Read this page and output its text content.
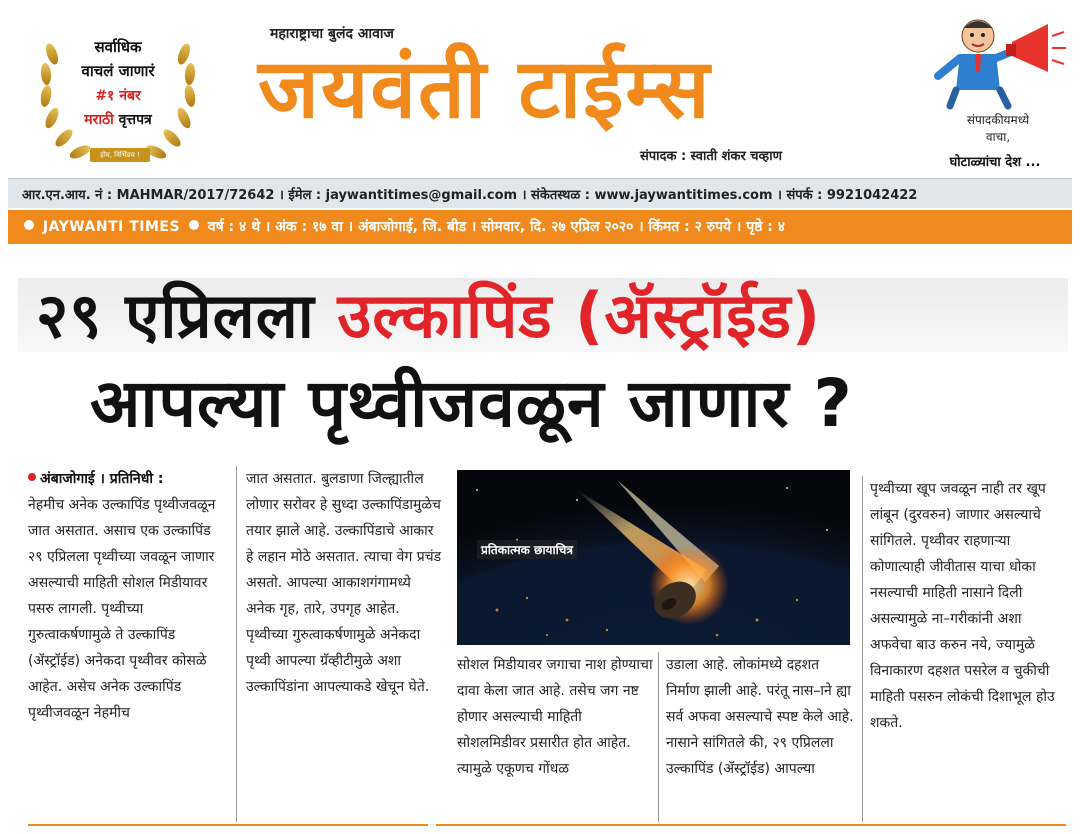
सर्वाधिक
वाचलं जाणारं
#१ नंबर
मराठी वृत्तपत्र
होय, निर्भिडच !
महाराष्ट्राचा बुलंद आवाज
जयवंती टाईम्स
संपादक : स्वाती शंकर चव्हाण
संपादकीयमध्ये
वाचा,
घोटाळ्यांचा देश ...
आर.एन.आय. नं : MAHMAR/2017/72642 । ईमेल : jaywantitimes@gmail.com । संकेतस्थळ : www.jaywantitimes.com । संपर्क : 9921042422
JAYWANTI TIMES वर्ष : ४ थे । अंक : १७ वा । अंबाजोगाई, जि. बीड । सोमवार, दि. २७ एप्रिल २०२० । किंमत : २ रुपये । पृष्ठे : ४
२९ एप्रिलला उल्कापिंड (ॲस्ट्रॉईड)
आपल्या पृथ्वीजवळून जाणार ?
अंबाजोगाई । प्रतिनिधी :
नेहमीच अनेक उल्कापिंड पृथ्वीजवळून जात असतात. असाच एक उल्कापिंड २९ एप्रिलला पृथ्वीच्या जवळून जाणार असल्याची माहिती सोशल मिडीयावर पसरु लागली. पृथ्वीच्या गुरुत्वाकर्षणामुळे ते उल्कापिंड (ॲस्ट्रॉईड) अनेकदा पृथ्वीवर कोसळे आहेत. असेच अनेक उल्कापिंड पृथ्वीजवळून नेहमीच
जात असतात. बुलडाणा जिल्ह्यातील लोणार सरोवर हे सुध्दा उल्कापिंडामुळेच तयार झाले आहे. उल्कापिंडाचे आकार हे लहान मोठे असतात. त्याचा वेग प्रचंड असतो. आपल्या आकाशगंगामध्ये अनेक गृह, तारे, उपगृह आहेत. पृथ्वीच्या गुरुत्वाकर्षणामुळे अनेकदा पृथ्वी आपल्या ग्रॅव्हीटीमुळे अशा उल्कापिंडांना आपल्याकडे खेचून घेते.
प्रतिकात्मक छायाचित्र
सोशल मिडीयावर जगाचा नाश होण्याचा दावा केला जात आहे. तसेच जग नष्ट होणार असल्याची माहिती सोशलमिडीवर प्रसारीत होत आहेत. त्यामुळे एकूणच गोंधळ
उडाला आहे. लोकांमध्ये दहशत निर्माण झाली आहे. परंतू नास–ाने ह्या सर्व अफवा असल्याचे स्पष्ट केले आहे. नासाने सांगितले की, २९ एप्रिलला उल्कापिंड (ॲस्ट्रॉईड) आपल्या
पृथ्वीच्या खूप जवळून नाही तर खूप लांबून (दुरवरुन) जाणार असल्याचे सांगितले. पृथ्वीवर राहणाऱ्या कोणात्याही जीवीतास याचा धोका नसल्याची माहिती नासाने दिली असल्यामुळे ना–गरीकांनी अशा अफवेचा बाउ करुन नये, ज्यामुळे विनाकारण दहशत पसरेल व चुकीची माहिती पसरुन लोकंची दिशाभूल होउ शकते.
